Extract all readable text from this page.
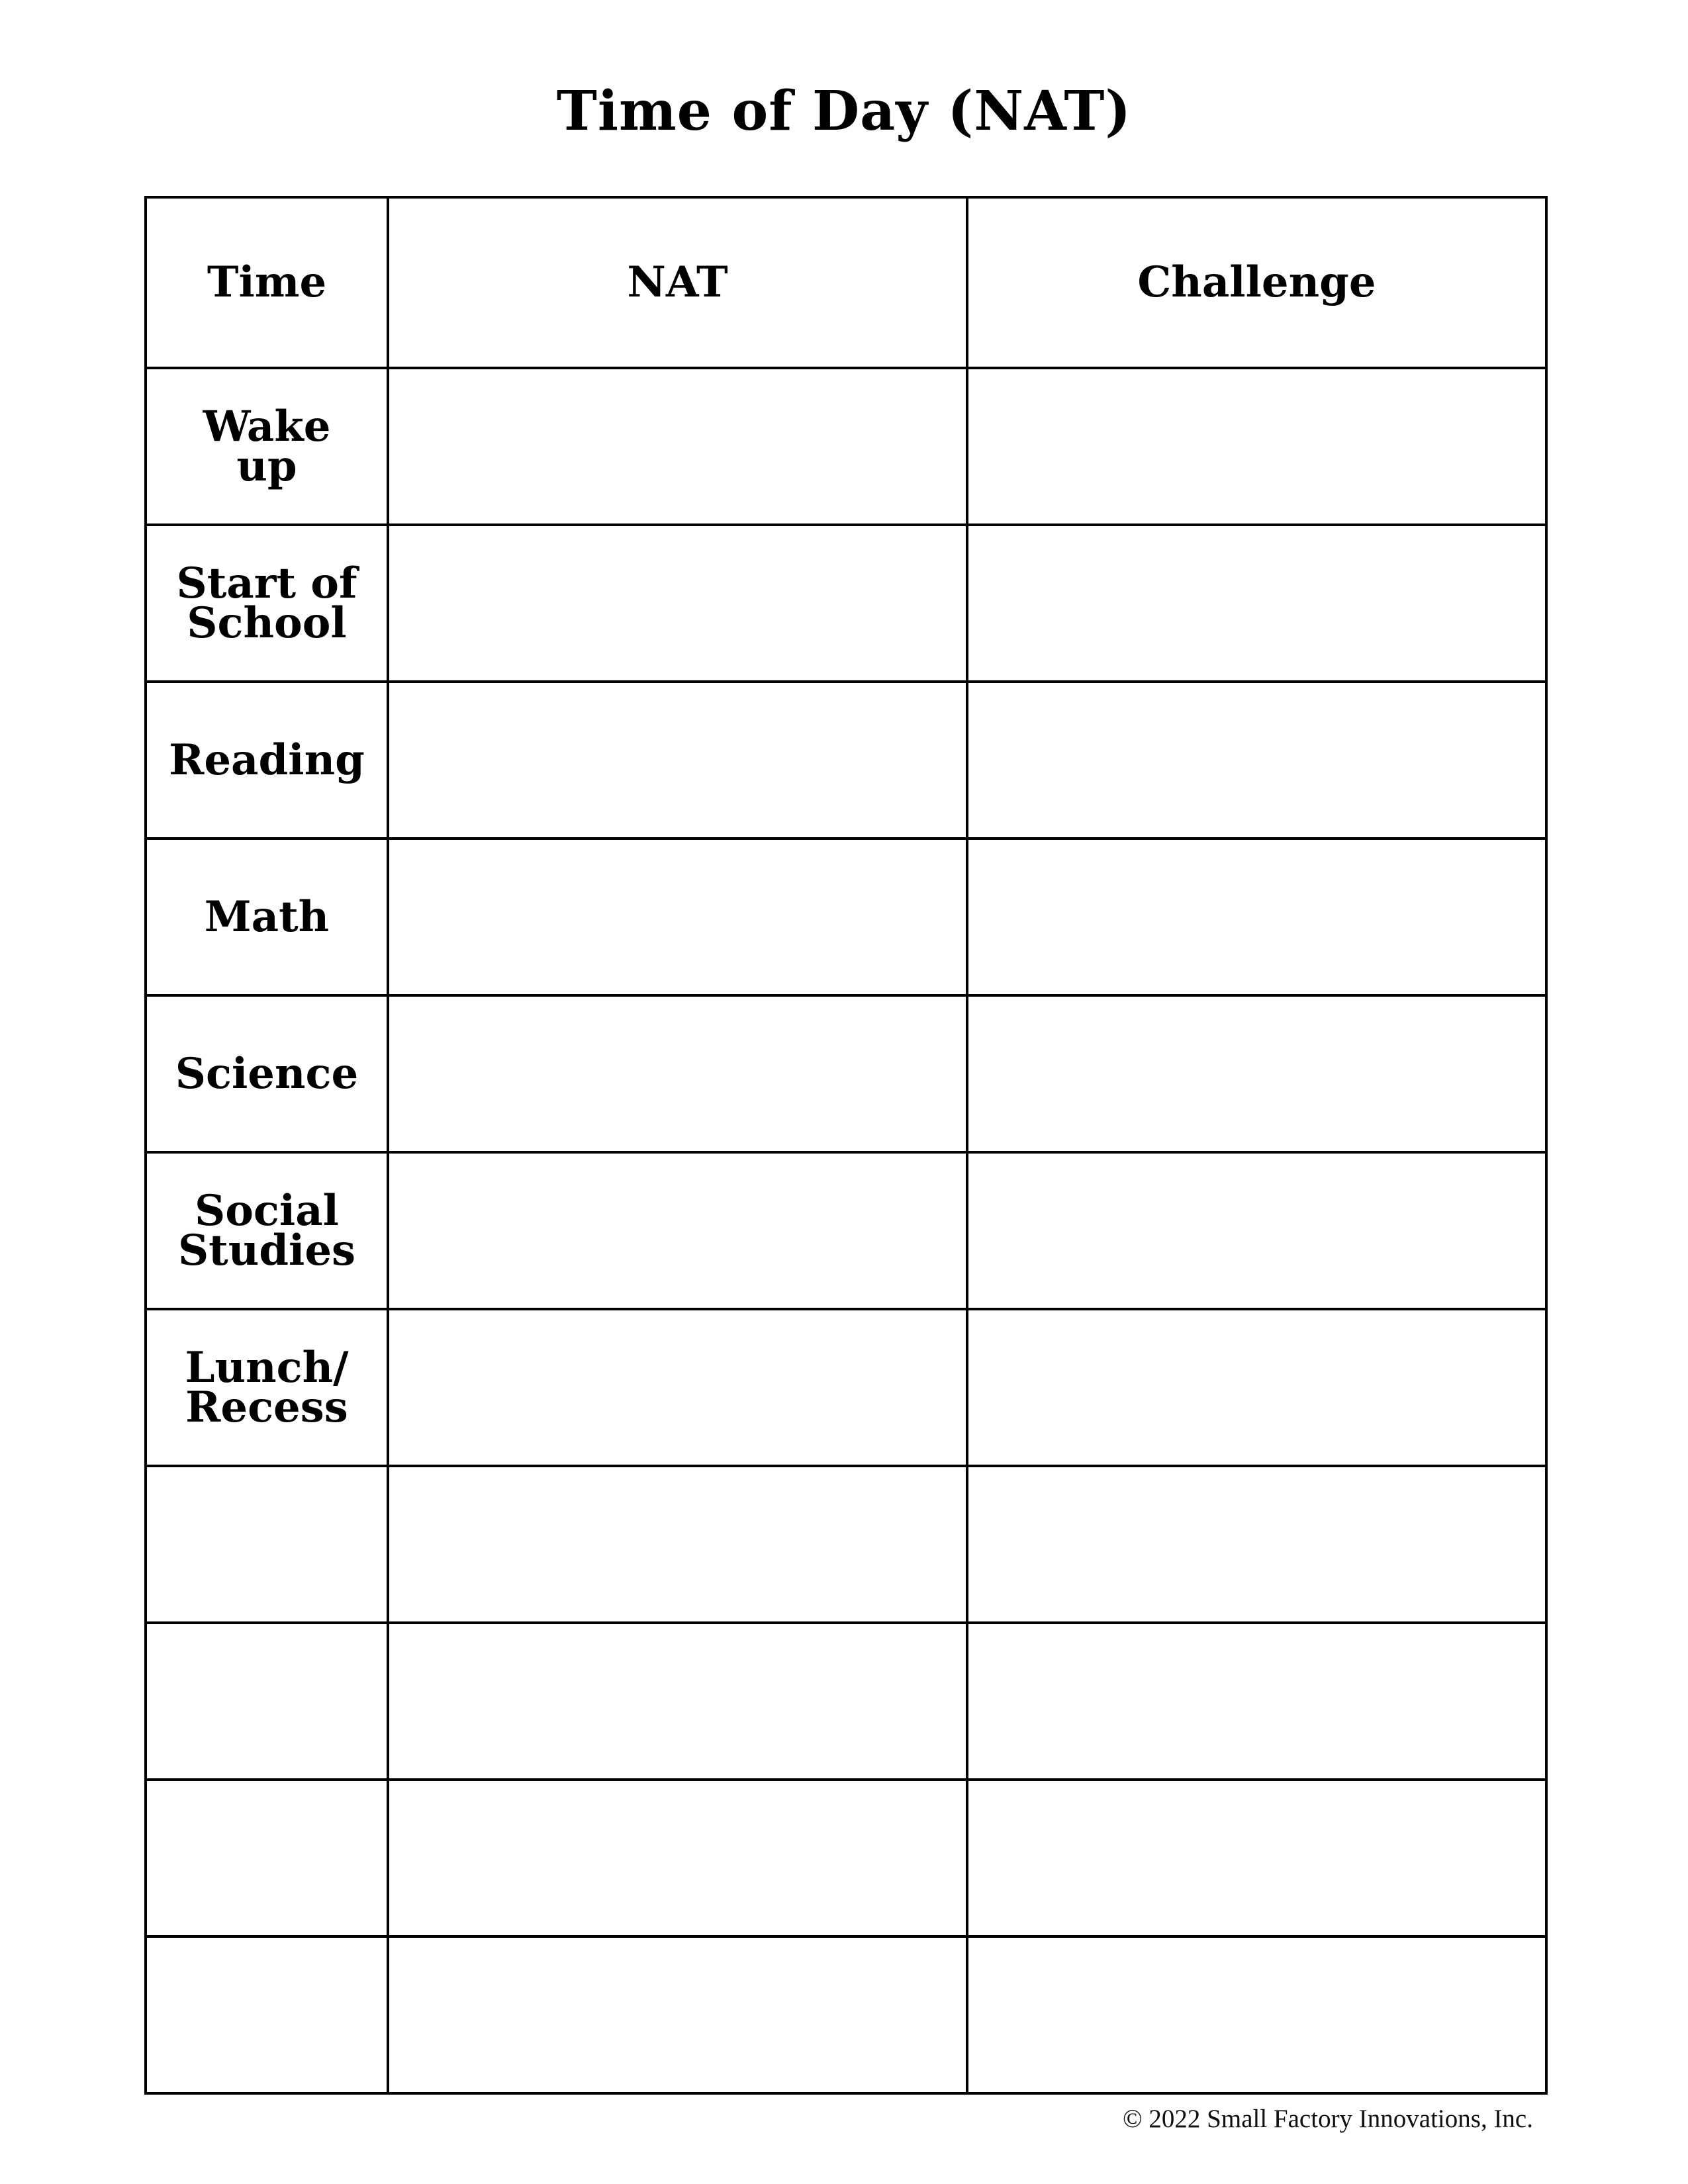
Time of Day (NAT)
Time	NAT	Challenge
Wake up		
Start of School		
Reading		
Math		
Science		
Social Studies		
Lunch/ Recess		

© 2022 Small Factory Innovations, Inc.
